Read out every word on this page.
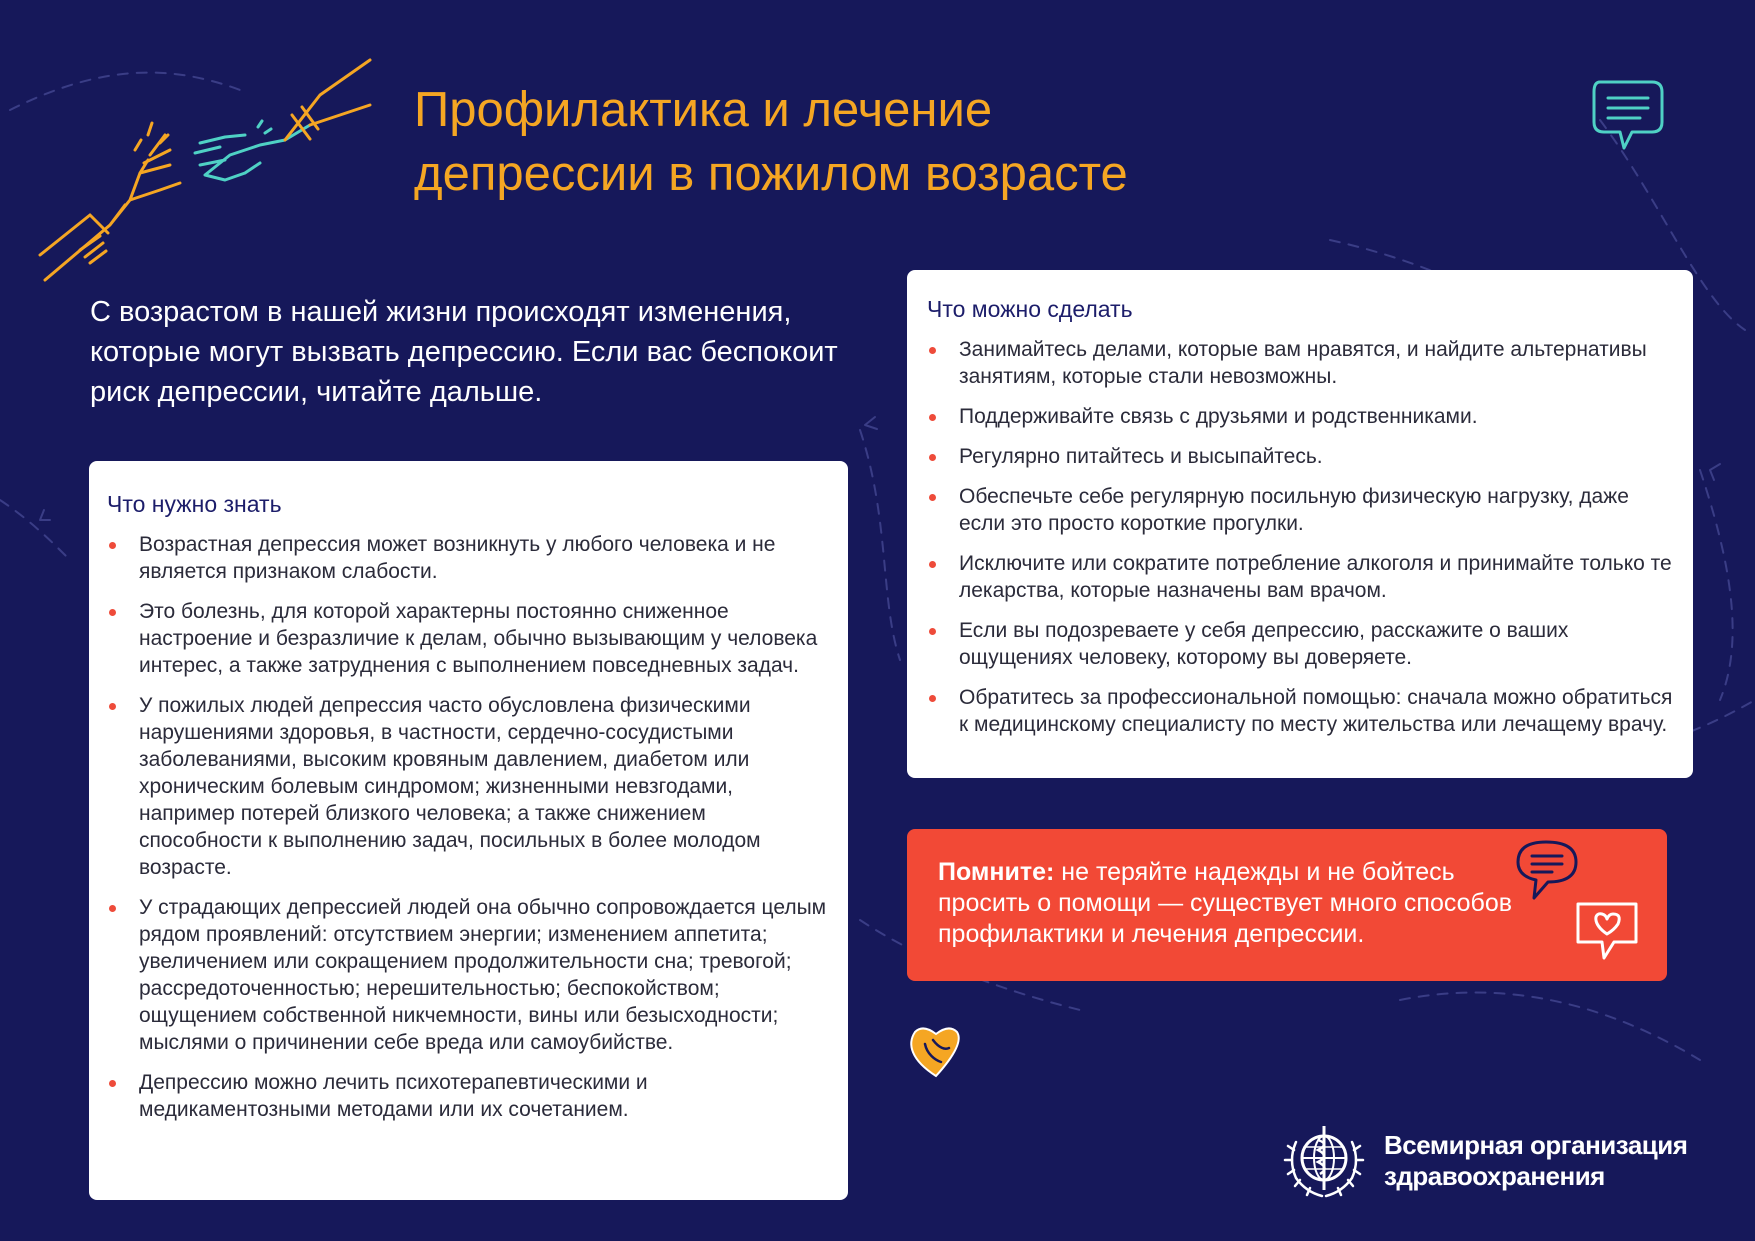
Профилактика и лечение
депрессии в пожилом возрасте
С возрастом в нашей жизни происходят изменения, которые могут вызвать депрессию. Если вас беспокоит риск депрессии, читайте дальше.
Что нужно знать
Возрастная депрессия может возникнуть у любого человека и не является признаком слабости.
Это болезнь, для которой характерны постоянно сниженное настроение и безразличие к делам, обычно вызывающим у человека интерес, а также затруднения с выполнением повседневных задач.
У пожилых людей депрессия часто обусловлена физическими нарушениями здоровья, в частности, сердечно-сосудистыми заболеваниями, высоким кровяным давлением, диабетом или хроническим болевым синдромом; жизненными невзгодами, например потерей близкого человека; а также снижением способности к выполнению задач, посильных в более молодом возрасте.
У страдающих депрессией людей она обычно сопровождается целым рядом проявлений: отсутствием энергии; изменением аппетита; увеличением или сокращением продолжительности сна; тревогой; рассредоточенностью; нерешительностью; беспокойством; ощущением собственной никчемности, вины или безысходности; мыслями о причинении себе вреда или самоубийстве.
Депрессию можно лечить психотерапевтическими и медикаментозными методами или их сочетанием.
Что можно сделать
Занимайтесь делами, которые вам нравятся, и найдите альтернативы занятиям, которые стали невозможны.
Поддерживайте связь с друзьями и родственниками.
Регулярно питайтесь и высыпайтесь.
Обеспечьте себе регулярную посильную физическую нагрузку, даже если это просто короткие прогулки.
Исключите или сократите потребление алкоголя и принимайте только те лекарства, которые назначены вам врачом.
Если вы подозреваете у себя депрессию, расскажите о ваших ощущениях человеку, которому вы доверяете.
Обратитесь за профессиональной помощью: сначала можно обратиться к медицинскому специалисту по месту жительства или лечащему врачу.
Помните: не теряйте надежды и не бойтесь просить о помощи — существует много способов профилактики и лечения депрессии.
Всемирная организация
здравоохранения
